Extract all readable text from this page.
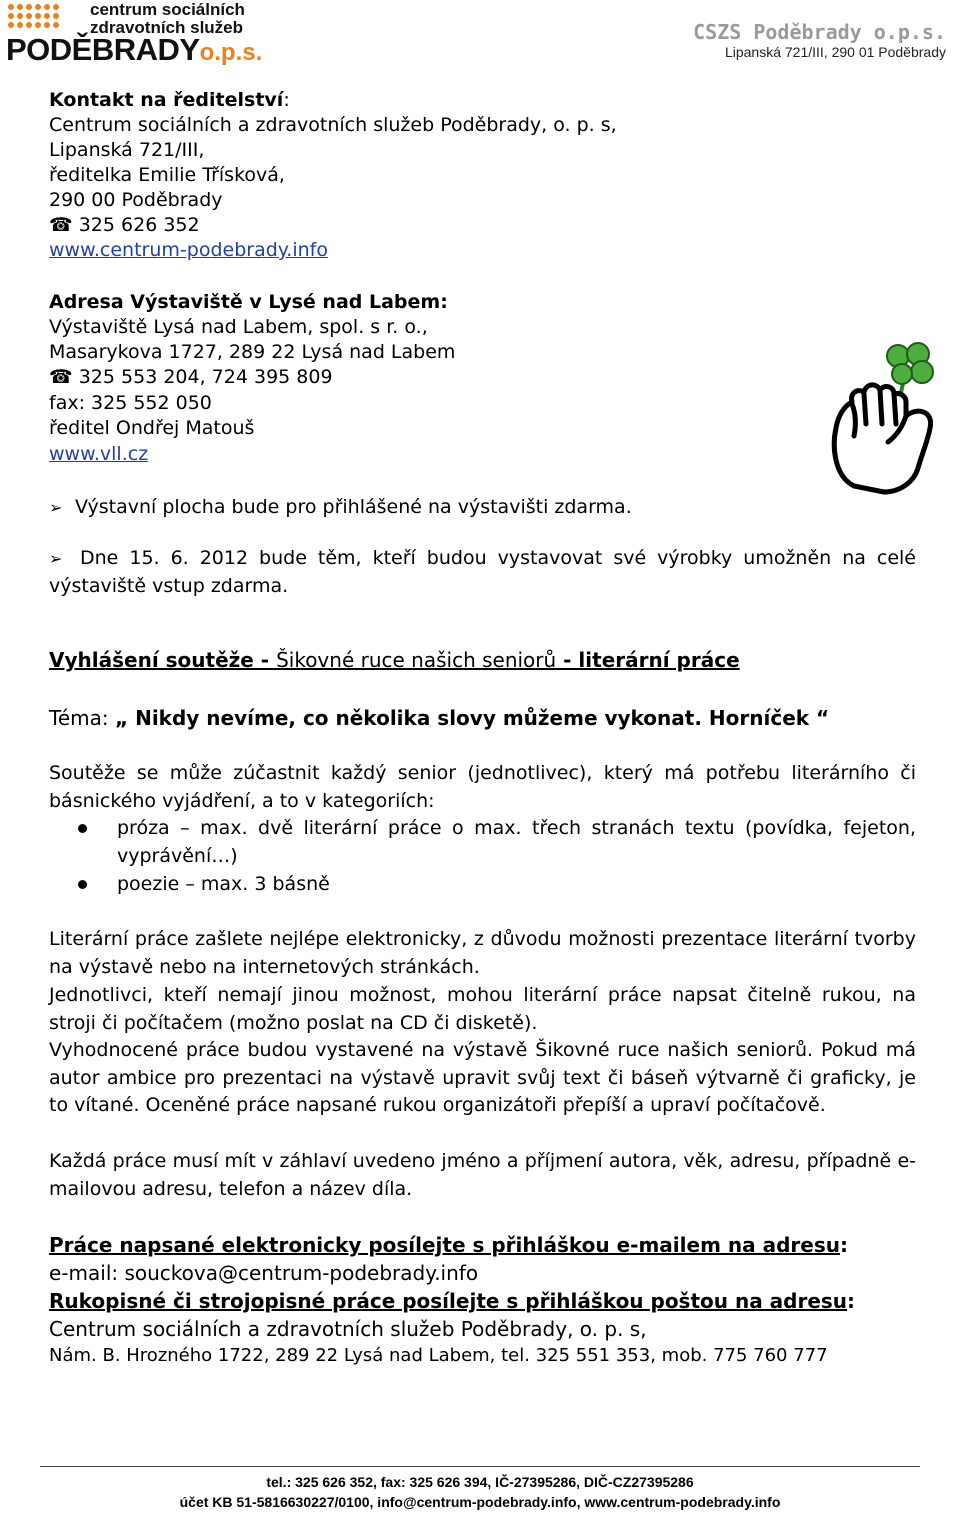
centrum sociálních
zdravotních služeb
PODĚBRADYo.p.s.
CSZS Poděbrady o.p.s.
Lipanská 721/III, 290 01 Poděbrady
Kontakt na ředitelství:
Centrum sociálních a zdravotních služeb Poděbrady, o. p. s,
Lipanská 721/III,
ředitelka Emilie Třísková,
290 00 Poděbrady
☎ 325 626 352
www.centrum-podebrady.info
Adresa Výstaviště v Lysé nad Labem:
Výstaviště Lysá nad Labem, spol. s r. o.,
Masarykova 1727, 289 22 Lysá nad Labem
☎ 325 553 204, 724 395 809
fax: 325 552 050
ředitel Ondřej Matouš
www.vll.cz
➢ Výstavní plocha bude pro přihlášené na výstavišti zdarma.
➢ Dne 15. 6. 2012 bude těm, kteří budou vystavovat své výrobky umožněn na celé výstaviště vstup zdarma.
Vyhlášení soutěže - Šikovné ruce našich seniorů - literární práce
Téma: „ Nikdy nevíme, co několika slovy můžeme vykonat. Horníček “
Soutěže se může zúčastnit každý senior (jednotlivec), který má potřebu literárního či básnického vyjádření, a to v kategoriích:
próza – max. dvě literární práce o max. třech stranách textu (povídka, fejeton, vyprávění…)
poezie – max. 3 básně
Literární práce zašlete nejlépe elektronicky, z důvodu možnosti prezentace literární tvorby na výstavě nebo na internetových stránkách.
Jednotlivci, kteří nemají jinou možnost, mohou literární práce napsat čitelně rukou, na stroji či počítačem (možno poslat na CD či disketě).
Vyhodnocené práce budou vystavené na výstavě Šikovné ruce našich seniorů. Pokud má autor ambice pro prezentaci na výstavě upravit svůj text či báseň výtvarně či graficky, je to vítané. Oceněné práce napsané rukou organizátoři přepíší a upraví počítačově.
Každá práce musí mít v záhlaví uvedeno jméno a příjmení autora, věk, adresu, případně e-mailovou adresu, telefon a název díla.
Práce napsané elektronicky posílejte s přihláškou e-mailem na adresu:
e-mail: souckova@centrum-podebrady.info
Rukopisné či strojopisné práce posílejte s přihláškou poštou na adresu:
Centrum sociálních a zdravotních služeb Poděbrady, o. p. s,
Nám. B. Hrozného 1722, 289 22 Lysá nad Labem, tel. 325 551 353, mob. 775 760 777
tel.: 325 626 352, fax: 325 626 394, IČ-27395286, DIČ-CZ27395286
účet KB 51-5816630227/0100, info@centrum-podebrady.info, www.centrum-podebrady.info
